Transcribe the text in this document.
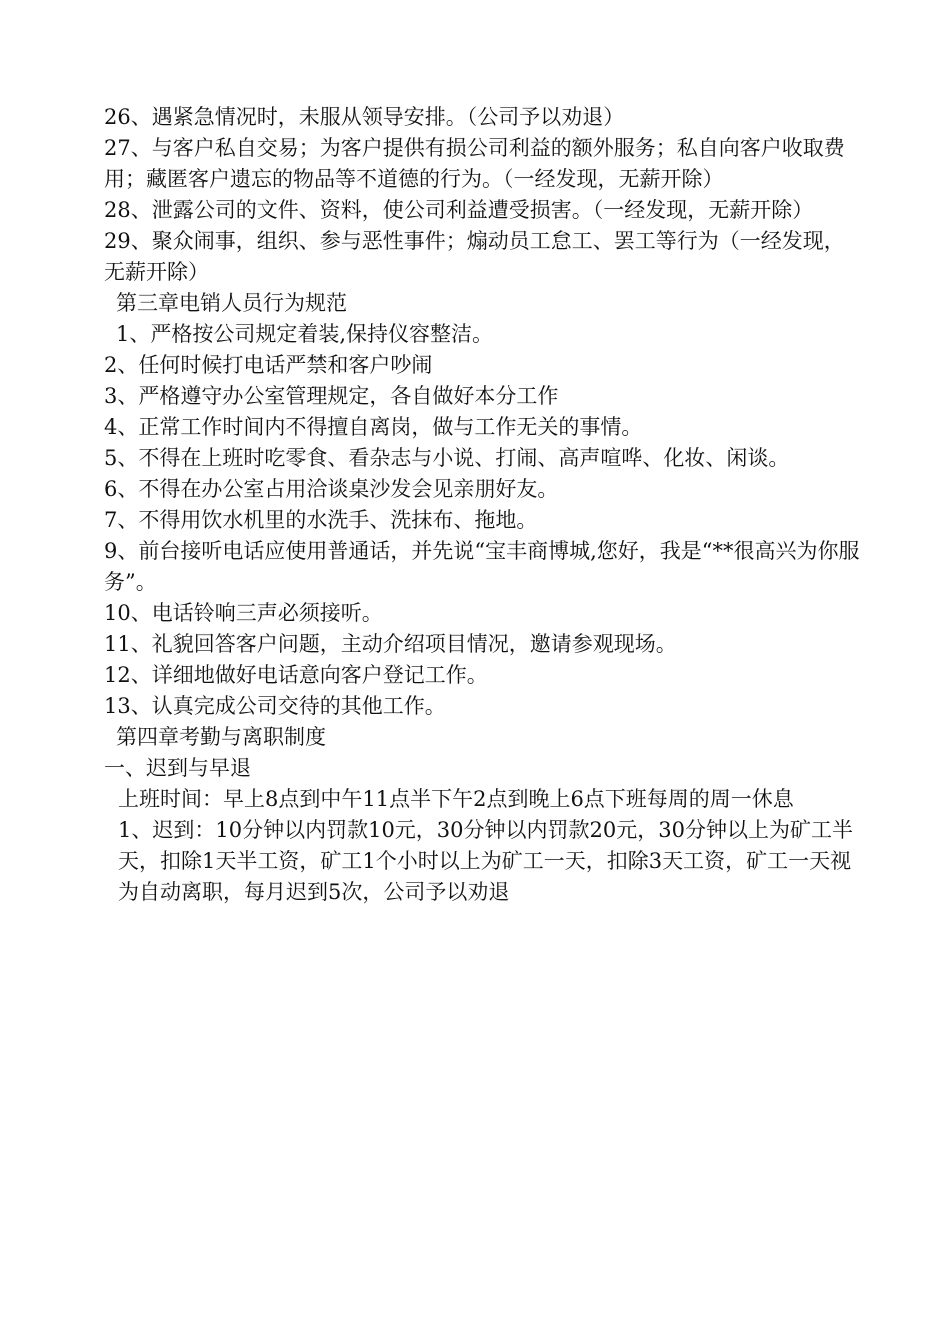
26、遇紧急情况时，未服从领导安排。（公司予以劝退）

27、与客户私自交易；为客户提供有损公司利益的额外服务；私自向客户收取费用；藏匿客户遗忘的物品等不道德的行为。（一经发现，无薪开除）

28、泄露公司的文件、资料，使公司利益遭受损害。（一经发现，无薪开除）

29、聚众闹事，组织、参与恶性事件；煽动员工怠工、罢工等行为（一经发现，无薪开除）

第三章电销人员行为规范

1、严格按公司规定着装,保持仪容整洁。

2、任何时候打电话严禁和客户吵闹

3、严格遵守办公室管理规定，各自做好本分工作

4、正常工作时间内不得擅自离岗，做与工作无关的事情。

5、不得在上班时吃零食、看杂志与小说、打闹、高声喧哗、化妆、闲谈。

6、不得在办公室占用洽谈桌沙发会见亲朋好友。

7、不得用饮水机里的水洗手、洗抹布、拖地。

9、前台接听电话应使用普通话，并先说“宝丰商博城,您好，我是“**很高兴为你服务”。

10、电话铃响三声必须接听。

11、礼貌回答客户问题，主动介绍项目情况，邀请参观现场。

12、详细地做好电话意向客户登记工作。

13、认真完成公司交待的其他工作。

第四章考勤与离职制度

一、迟到与早退

上班时间：早上8点到中午11点半下午2点到晚上6点下班每周的周一休息

1、迟到：10分钟以内罚款10元，30分钟以内罚款20元，30分钟以上为矿工半天，扣除1天半工资，矿工1个小时以上为矿工一天，扣除3天工资，矿工一天视为自动离职，每月迟到5次，公司予以劝退
